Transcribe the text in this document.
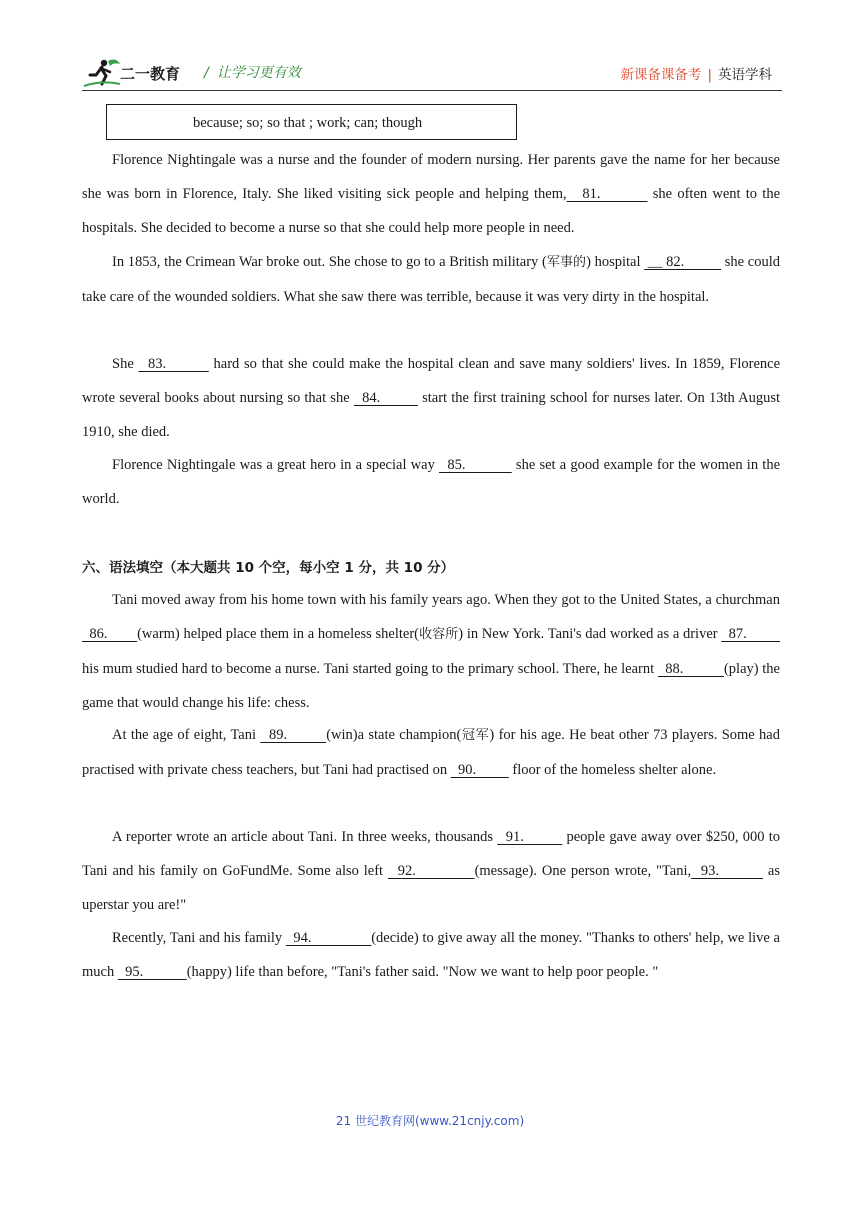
二一教育 / 让学习更有效	新课备课备考 | 英语学科
because; so; so that ; work; can; though
Florence Nightingale was a nurse and the founder of modern nursing. Her parents gave the name for her because she was born in Florence, Italy. She liked visiting sick people and helping them,   81.          she often went to the hospitals. She decided to become a nurse so that she could help more people in need.
In 1853, the Crimean War broke out. She chose to go to a British military (军事的) hospital  __ 82.           she could take care of the wounded soldiers. What she saw there was terrible, because it was very dirty in the hospital.
She   83.          hard so that she could make the hospital clean and save many soldiers' lives. In 1859, Florence wrote several books about nursing so that she   84.          start the first training school for nurses later. On 13th August 1910, she died.
Florence Nightingale was a great hero in a special way   85.            she set a good example for the women in the world.
六、语法填空（本大题共 10 个空，每小空 1 分，共 10 分）
Tani moved away from his home town with his family years ago. When they got to the United States, a churchman   86.        (warm) helped place them in a homeless shelter(收容所) in New York. Tani's dad worked as a driver   87.          his mum studied hard to become a nurse. Tani started going to the primary school. There, he learnt   88.           (play) the game that would change his life: chess.
At the age of eight, Tani   89.         (win)a state champion(冠军) for his age. He beat other 73 players. Some had practised with private chess teachers, but Tani had practised on   90.          floor of the homeless shelter alone.
A reporter wrote an article about Tani. In three weeks, thousands   91.          people gave away over $250, 000 to Tani and his family on GoFundMe. Some also left   92.            (message). One person wrote, "Tani,  93.          as uperstar you are!"
Recently, Tani and his family   94.                (decide) to give away all the money. "Thanks to others' help, we live a much   95.            (happy) life than before, "Tani's father said. "Now we want to help poor people. "
21 世纪教育网(www.21cnjy.com)
